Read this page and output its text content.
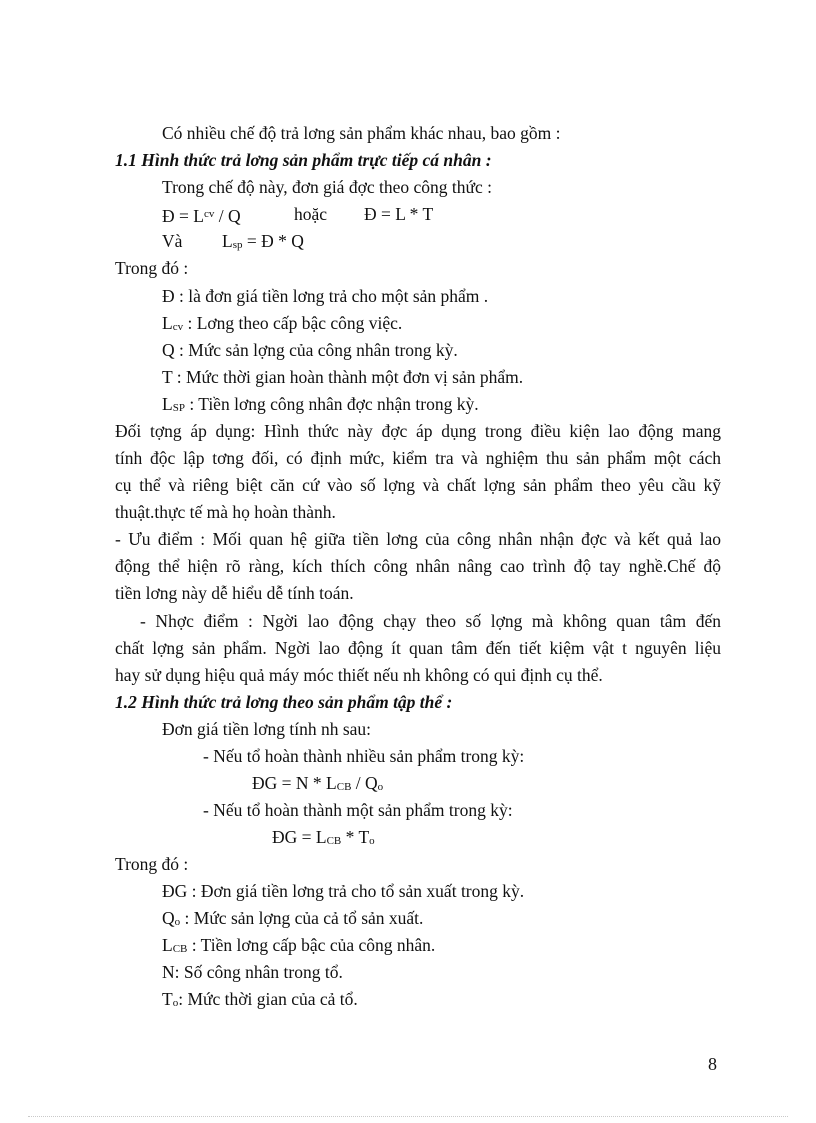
Có nhiều chế độ trả lơng sản phẩm khác nhau, bao gồm :
1.1 Hình thức trả lơng sản phẩm trực tiếp cá nhân :
Trong chế độ này, đơn giá đợc theo công thức :
Đ = $L^{cv}$ / Q	hoặc Đ = L * T
Và $L_{sp}$ = Đ * Q
Trong đó :
Đ : là đơn giá tiền lơng trả cho một sản phẩm .
$L_{cv}$ : Lơng theo cấp bậc công việc.
Q : Mức sản lợng của công nhân trong kỳ.
T : Mức thời gian hoàn thành một đơn vị sản phẩm.
$L_{SP}$ : Tiền lơng công nhân đợc nhận trong kỳ.
Đối tợng áp dụng: Hình thức này đợc áp dụng trong điều kiện lao động mang
tính độc lập tơng đối, có định mức, kiểm tra và nghiệm thu sản phẩm một cách
cụ thể và riêng biệt căn cứ vào số lợng và chất lợng sản phẩm theo yêu cầu kỹ
thuật.thực tế mà họ hoàn thành.
- Ưu điểm : Mối quan hệ giữa tiền lơng của công nhân nhận đợc và kết quả lao
động thể hiện rõ ràng, kích thích công nhân nâng cao trình độ tay nghề.Chế độ
tiền lơng này dễ hiểu dễ tính toán.
- Nhợc điểm : Ngời lao động chạy theo số lợng mà không quan tâm đến
chất lợng sản phẩm. Ngời lao động ít quan tâm đến tiết kiệm vật t nguyên liệu
hay sử dụng hiệu quả máy móc thiết nếu nh không có qui định cụ thể.
1.2 Hình thức trả lơng theo sản phẩm tập thể :
Đơn giá tiền lơng tính nh sau:
- Nếu tổ hoàn thành nhiều sản phẩm trong kỳ:
ĐG = N * $L_{CB} / Q_o$
- Nếu tổ hoàn thành một sản phẩm trong kỳ:
ĐG = $L_{CB} * T_o$
Trong đó :
ĐG : Đơn giá tiền lơng trả cho tổ sản xuất trong kỳ.
$Q_o$ : Mức sản lợng của cả tổ sản xuất.
$L_{CB}$ : Tiền lơng cấp bậc của công nhân.
N: Số công nhân trong tổ.
$T_o$: Mức thời gian của cả tổ.
8
